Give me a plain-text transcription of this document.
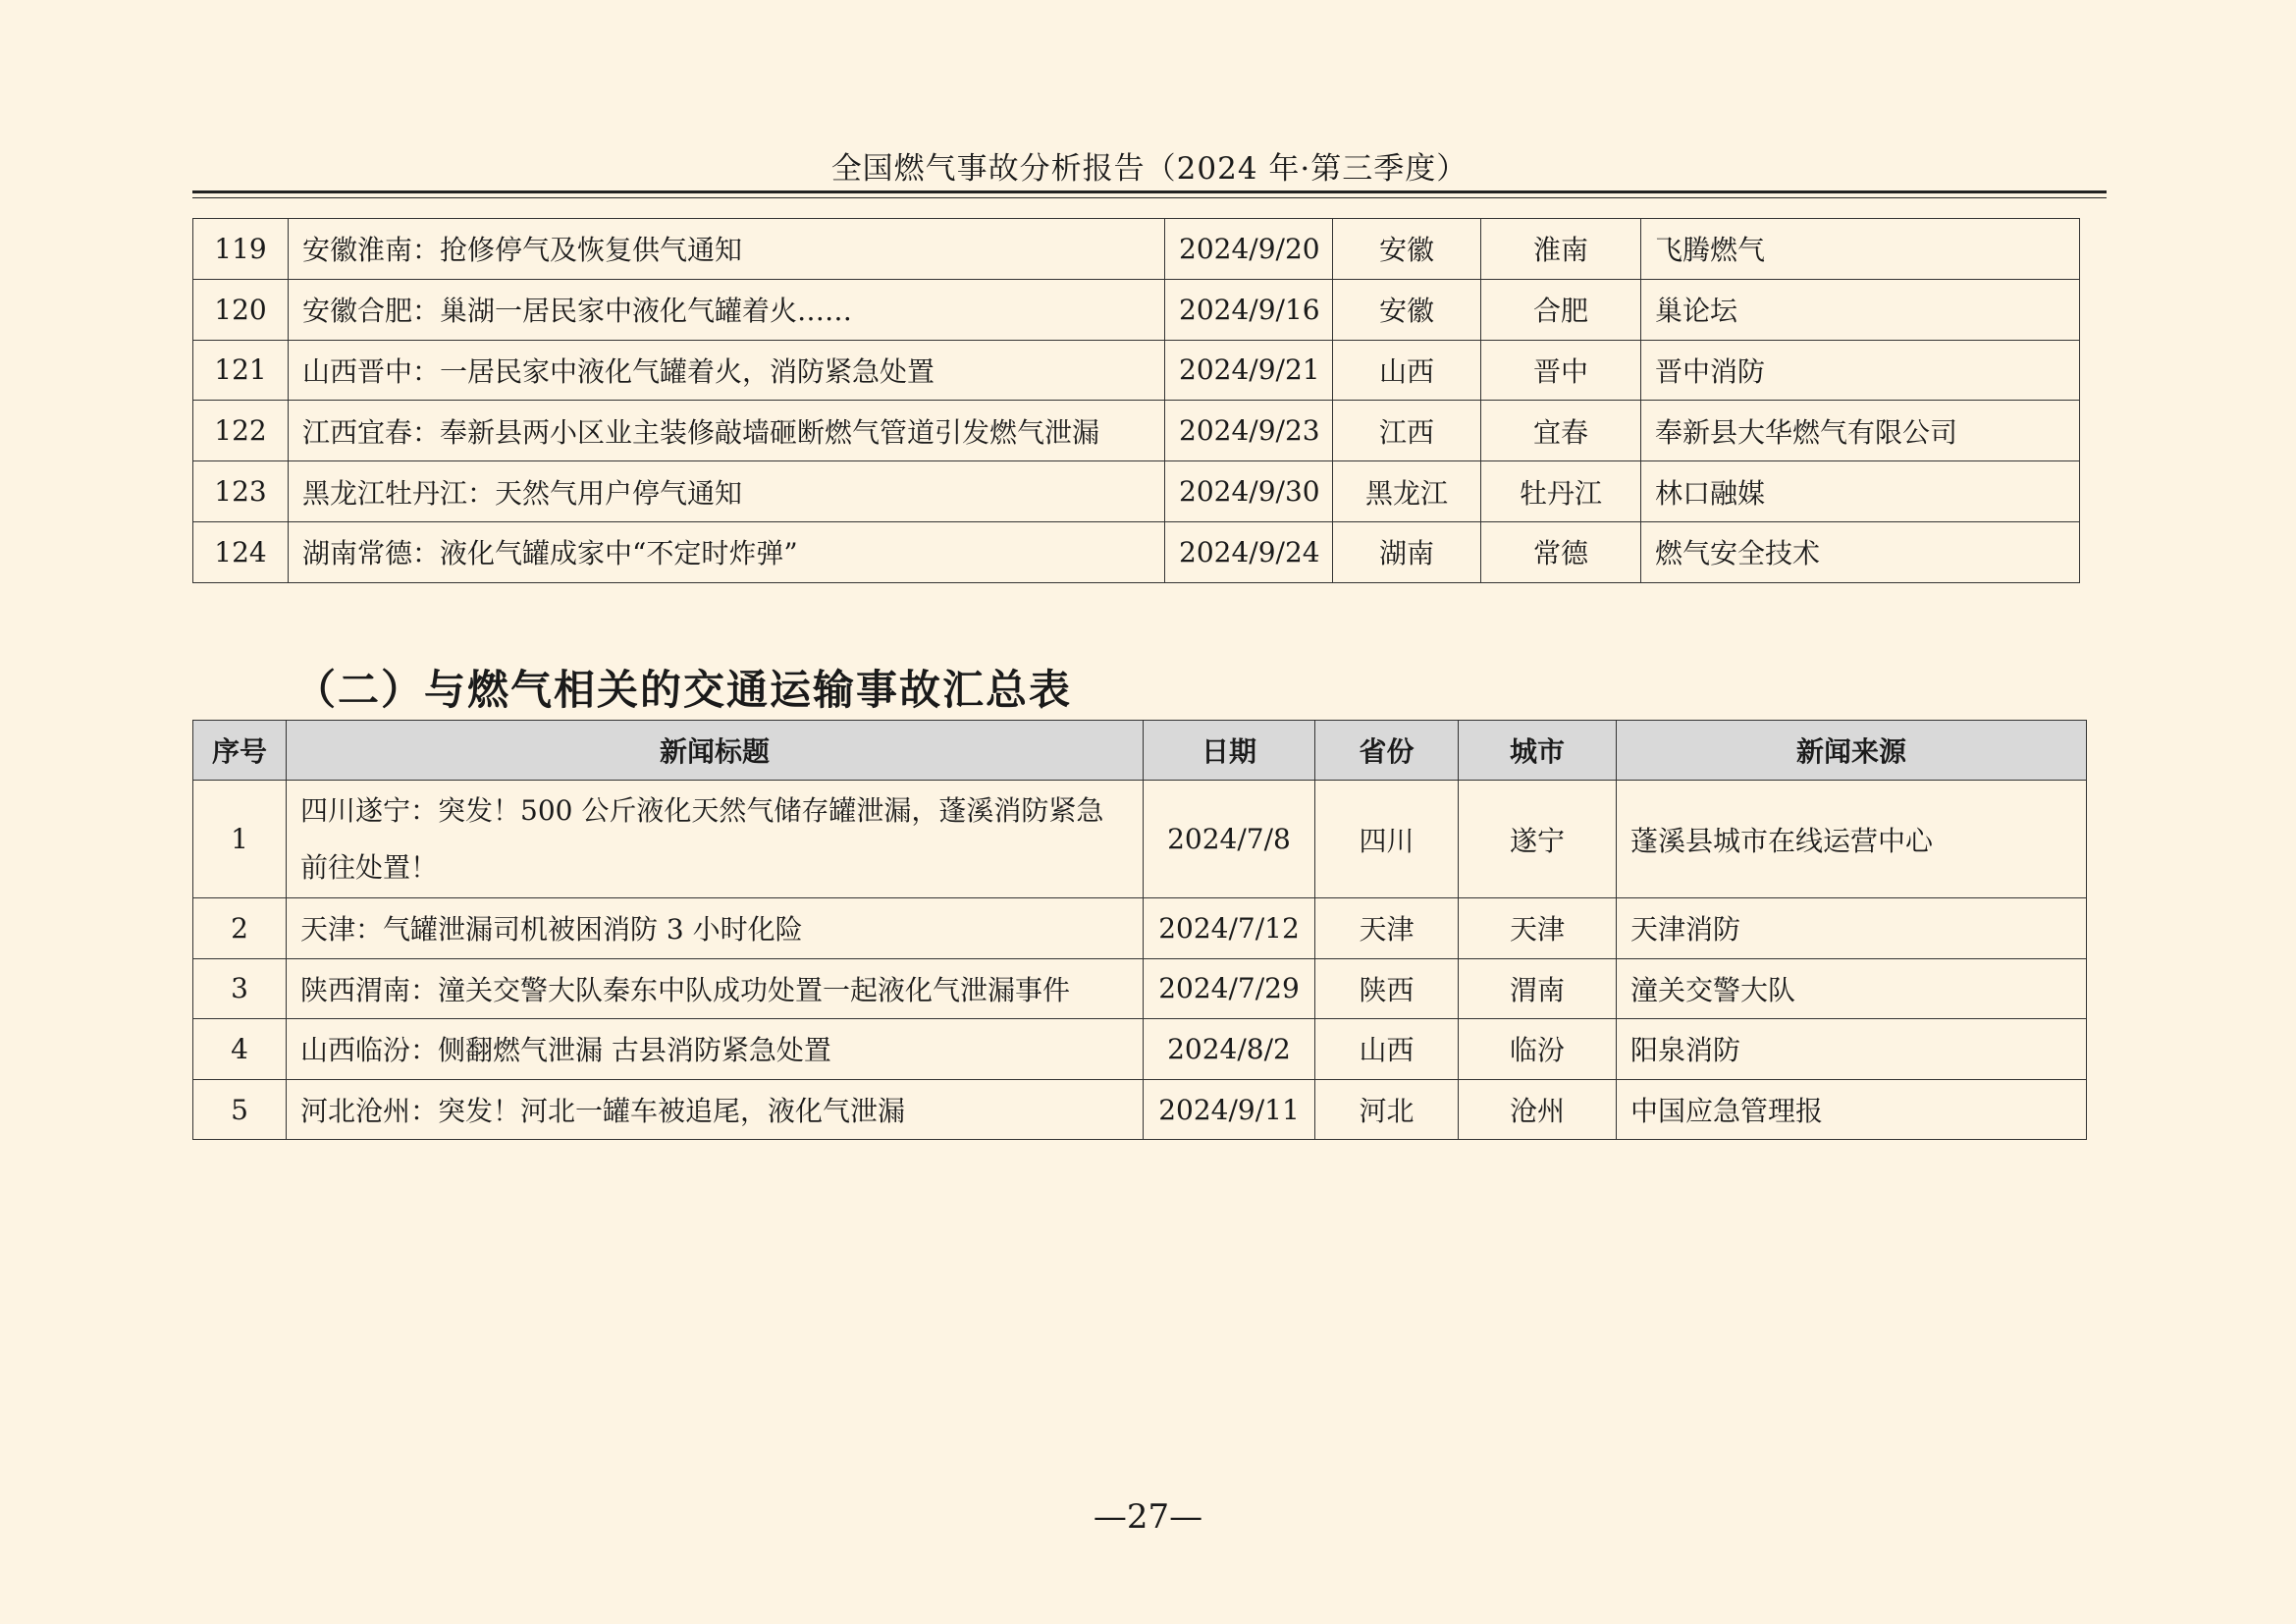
全国燃气事故分析报告（2024 年·第三季度）
119	安徽淮南：抢修停气及恢复供气通知	2024/9/20	安徽	淮南	飞腾燃气
120	安徽合肥：巢湖一居民家中液化气罐着火……	2024/9/16	安徽	合肥	巢论坛
121	山西晋中：一居民家中液化气罐着火，消防紧急处置	2024/9/21	山西	晋中	晋中消防
122	江西宜春：奉新县两小区业主装修敲墙砸断燃气管道引发燃气泄漏	2024/9/23	江西	宜春	奉新县大华燃气有限公司
123	黑龙江牡丹江：天然气用户停气通知	2024/9/30	黑龙江	牡丹江	林口融媒
124	湖南常德：液化气罐成家中“不定时炸弹”	2024/9/24	湖南	常德	燃气安全技术
（二）与燃气相关的交通运输事故汇总表
序号	新闻标题	日期	省份	城市	新闻来源
1	四川遂宁：突发！500 公斤液化天然气储存罐泄漏，蓬溪消防紧急前往处置！	2024/7/8	四川	遂宁	蓬溪县城市在线运营中心
2	天津：气罐泄漏司机被困消防 3 小时化险	2024/7/12	天津	天津	天津消防
3	陕西渭南：潼关交警大队秦东中队成功处置一起液化气泄漏事件	2024/7/29	陕西	渭南	潼关交警大队
4	山西临汾：侧翻燃气泄漏 古县消防紧急处置	2024/8/2	山西	临汾	阳泉消防
5	河北沧州：突发！河北一罐车被追尾，液化气泄漏	2024/9/11	河北	沧州	中国应急管理报
—27—
